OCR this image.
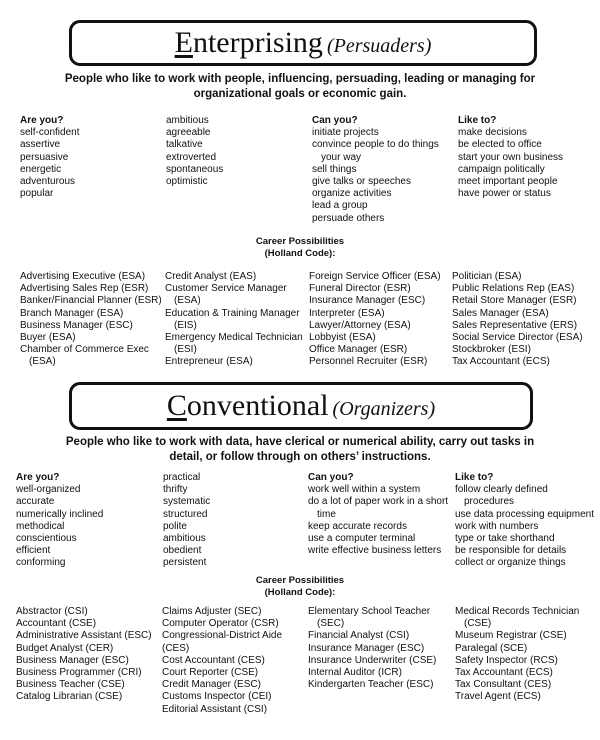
Enterprising (Persuaders)
People who like to work with people, influencing, persuading, leading or managing for
organizational goals or economic gain.
Are you?
self-confident
assertive
persuasive
energetic
adventurous
popular
ambitious
agreeable
talkative
extroverted
spontaneous
optimistic
Can you?
initiate projects
convince people to do things
your way
sell things
give talks or speeches
organize activities
lead a group
persuade others
Like to?
make decisions
be elected to office
start your own business
campaign politically
meet important people
have power or status
Career Possibilities
(Holland Code):
Advertising Executive (ESA)
Advertising Sales Rep (ESR)
Banker/Financial Planner (ESR)
Branch Manager (ESA)
Business Manager (ESC)
Buyer (ESA)
Chamber of Commerce Exec
(ESA)
Credit Analyst (EAS)
Customer Service Manager
(ESA)
Education & Training Manager
(EIS)
Emergency Medical Technician
(ESI)
Entrepreneur (ESA)
Foreign Service Officer (ESA)
Funeral Director (ESR)
Insurance Manager (ESC)
Interpreter (ESA)
Lawyer/Attorney (ESA)
Lobbyist (ESA)
Office Manager (ESR)
Personnel Recruiter (ESR)
Politician (ESA)
Public Relations Rep (EAS)
Retail Store Manager (ESR)
Sales Manager (ESA)
Sales Representative (ERS)
Social Service Director (ESA)
Stockbroker (ESI)
Tax Accountant (ECS)
Conventional (Organizers)
People who like to work with data, have clerical or numerical ability, carry out tasks in
detail, or follow through on others’ instructions.
Are you?
well-organized
accurate
numerically inclined
methodical
conscientious
efficient
conforming
practical
thrifty
systematic
structured
polite
ambitious
obedient
persistent
Can you?
work well within a system
do a lot of paper work in a short
time
keep accurate records
use a computer terminal
write effective business letters
Like to?
follow clearly defined
procedures
use data processing equipment
work with numbers
type or take shorthand
be responsible for details
collect or organize things
Career Possibilities
(Holland Code):
Abstractor (CSI)
Accountant (CSE)
Administrative Assistant (ESC)
Budget Analyst (CER)
Business Manager (ESC)
Business Programmer (CRI)
Business Teacher (CSE)
Catalog Librarian (CSE)
Claims Adjuster (SEC)
Computer Operator (CSR)
Congressional-District Aide (CES)
Cost Accountant (CES)
Court Reporter (CSE)
Credit Manager (ESC)
Customs Inspector (CEI)
Editorial Assistant (CSI)
Elementary School Teacher
(SEC)
Financial Analyst (CSI)
Insurance Manager (ESC)
Insurance Underwriter (CSE)
Internal Auditor (ICR)
Kindergarten Teacher (ESC)
Medical Records Technician
(CSE)
Museum Registrar (CSE)
Paralegal (SCE)
Safety Inspector (RCS)
Tax Accountant (ECS)
Tax Consultant (CES)
Travel Agent (ECS)
